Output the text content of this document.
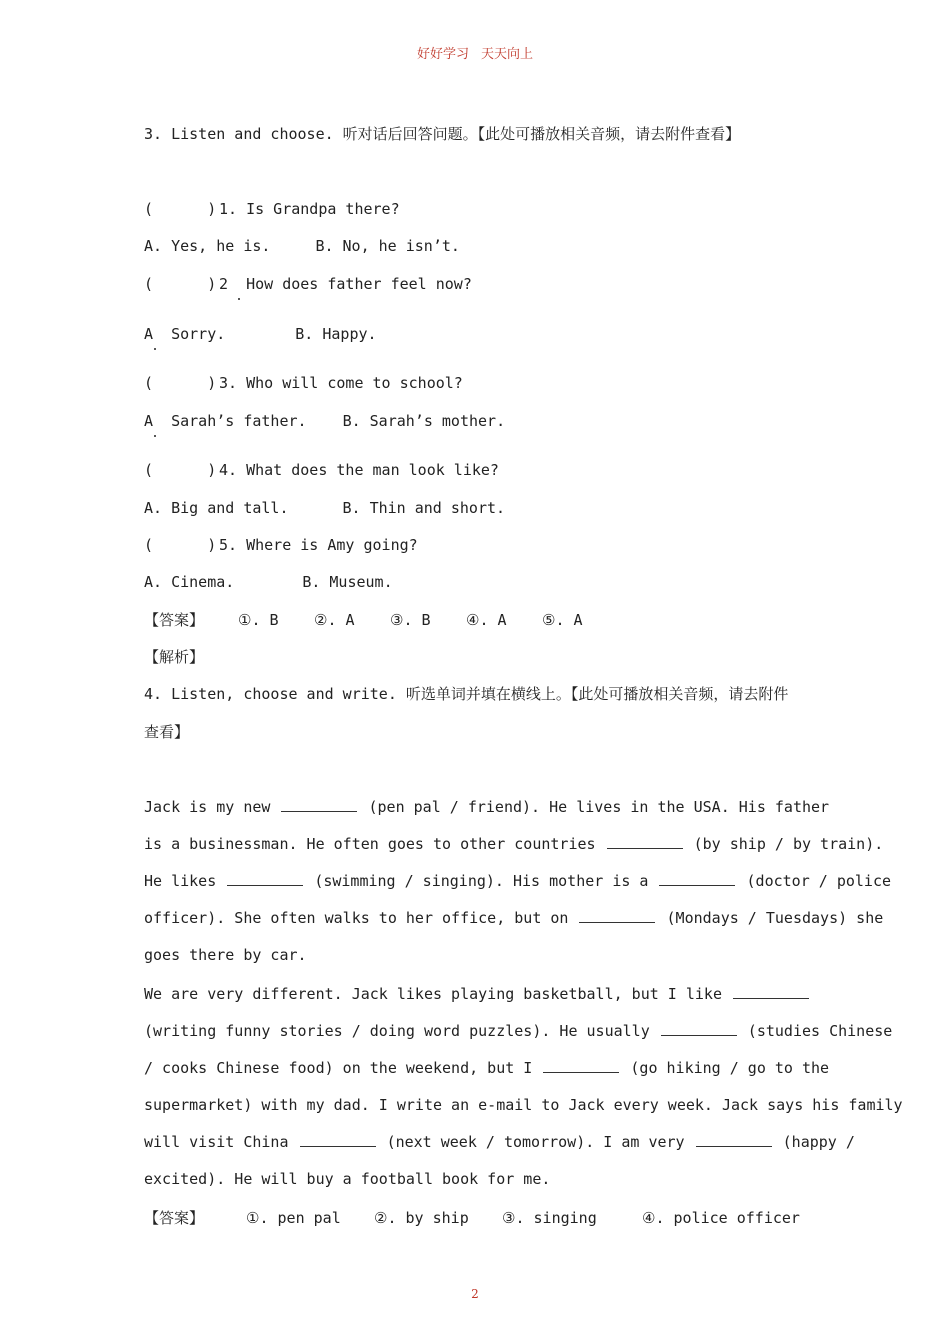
好好学习 天天向上
3. Listen and choose. 听对话后回答问题。【此处可播放相关音频，请去附件查看】
(      ) 1. Is Grandpa there?
A. Yes, he is.	B. No, he isn’t.
(      ) 2  How does father feel now?
A  Sorry.	B. Happy.
(      ) 3. Who will come to school?
A  Sarah’s father. B. Sarah’s mother.
(      ) 4. What does the man look like?
A. Big and tall.	B. Thin and short.
(      ) 5. Where is Amy going?
A. Cinema.	B. Museum.
【答案】 ①. B ②. A ③. B ④. A ⑤. A
【解析】
4. Listen, choose and write. 听选单词并填在横线上。【此处可播放相关音频，请去附件
查看】
Jack is my new	(pen pal / friend). He lives in the USA. His father
is a businessman. He often goes to other countries	(by ship / by train).
He likes	(swimming / singing). His mother is a	(doctor / police
officer). She often walks to her office, but on	(Mondays / Tuesdays) she
goes there by car.
We are very different. Jack likes playing basketball, but I like
(writing funny stories / doing word puzzles). He usually	(studies Chinese
/ cooks Chinese food) on the weekend, but I	(go hiking / go to the
supermarket) with my dad. I write an e-mail to Jack every week. Jack says his family
will visit China	(next week / tomorrow). I am very	(happy /
excited). He will buy a football book for me.
【答案】	①. pen pal ②. by ship ③. singing	④. police officer
2
